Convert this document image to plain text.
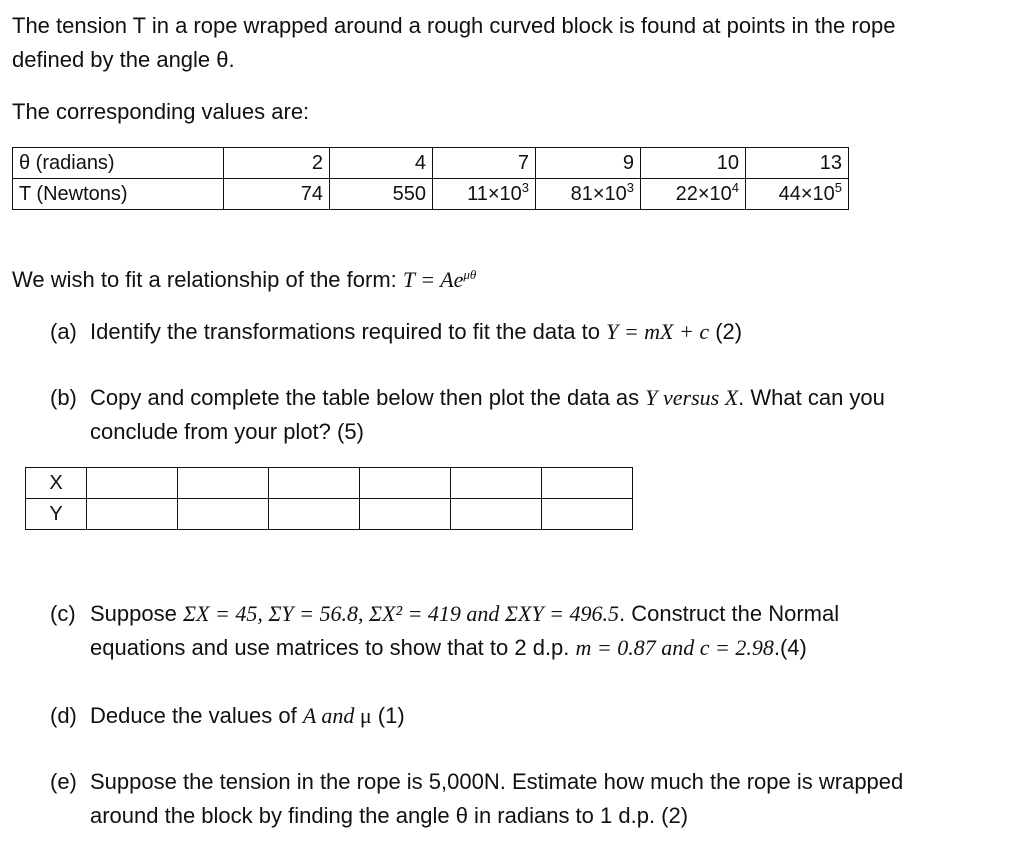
The tension T in a rope wrapped around a rough curved block is found at points in the rope
defined by the angle θ.
The corresponding values are:
θ (radians)	2	4	7	9	10	13
T (Newtons)	74	550	$11\times 10^3$	$81\times 10^3$	$22\times 10^4$	$44\times 10^5$
We wish to fit a relationship of the form: $T = Ae^{\mu\theta}$
(a) Identify the transformations required to fit the data to Y = mX + c (2)
(b) Copy and complete the table below then plot the data as Y versus X. What can you
conclude from your plot? (5)
X						
Y						
(c) Suppose ΣX = 45, ΣY = 56.8, ΣX² = 419 and ΣXY = 496.5. Construct the Normal
equations and use matrices to show that to 2 d.p. m = 0.87 and c = 2.98.(4)
(d) Deduce the values of A and μ (1)
(e) Suppose the tension in the rope is 5,000N. Estimate how much the rope is wrapped
around the block by finding the angle θ in radians to 1 d.p. (2)
